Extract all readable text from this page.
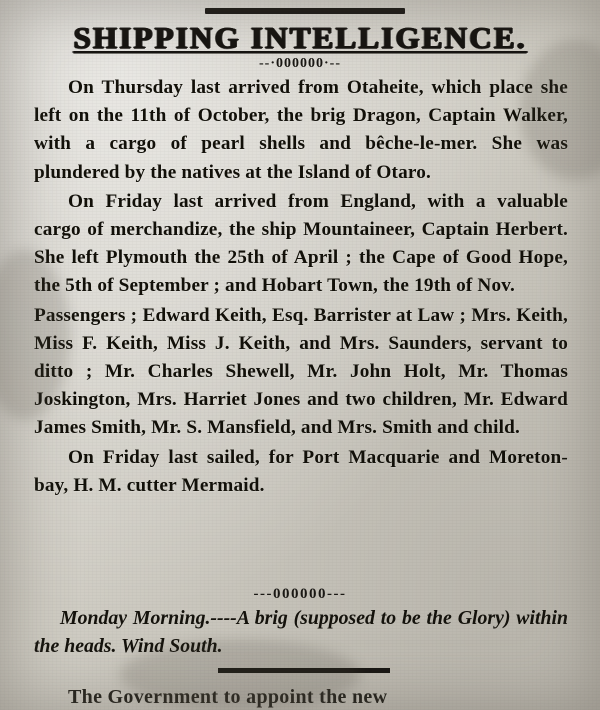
SHIPPING INTELLIGENCE.
--·000000·--

On Thursday last arrived from Otaheite, which place she left on the 11th of October, the brig Dragon, Captain Walker, with a cargo of pearl shells and bêche-le-mer. She was plundered by the natives at the Island of Otaro.

On Friday last arrived from England, with a valuable cargo of merchandize, the ship Mountaineer, Captain Herbert. She left Plymouth the 25th of April ; the Cape of Good Hope, the 5th of September ; and Hobart Town, the 19th of Nov.

Passengers ; Edward Keith, Esq. Barrister at Law ; Mrs. Keith, Miss F. Keith, Miss J. Keith, and Mrs. Saunders, servant to ditto ; Mr. Charles Shewell, Mr. John Holt, Mr. Thomas Joskington, Mrs. Harriet Jones and two children, Mr. Edward James Smith, Mr. S. Mansfield, and Mrs. Smith and child.

On Friday last sailed, for Port Macquarie and Moreton-bay, H. M. cutter Mermaid.

---000000---
Monday Morning.----A brig (supposed to be the Glory) within the heads. Wind South.
The Government to appoint the new
